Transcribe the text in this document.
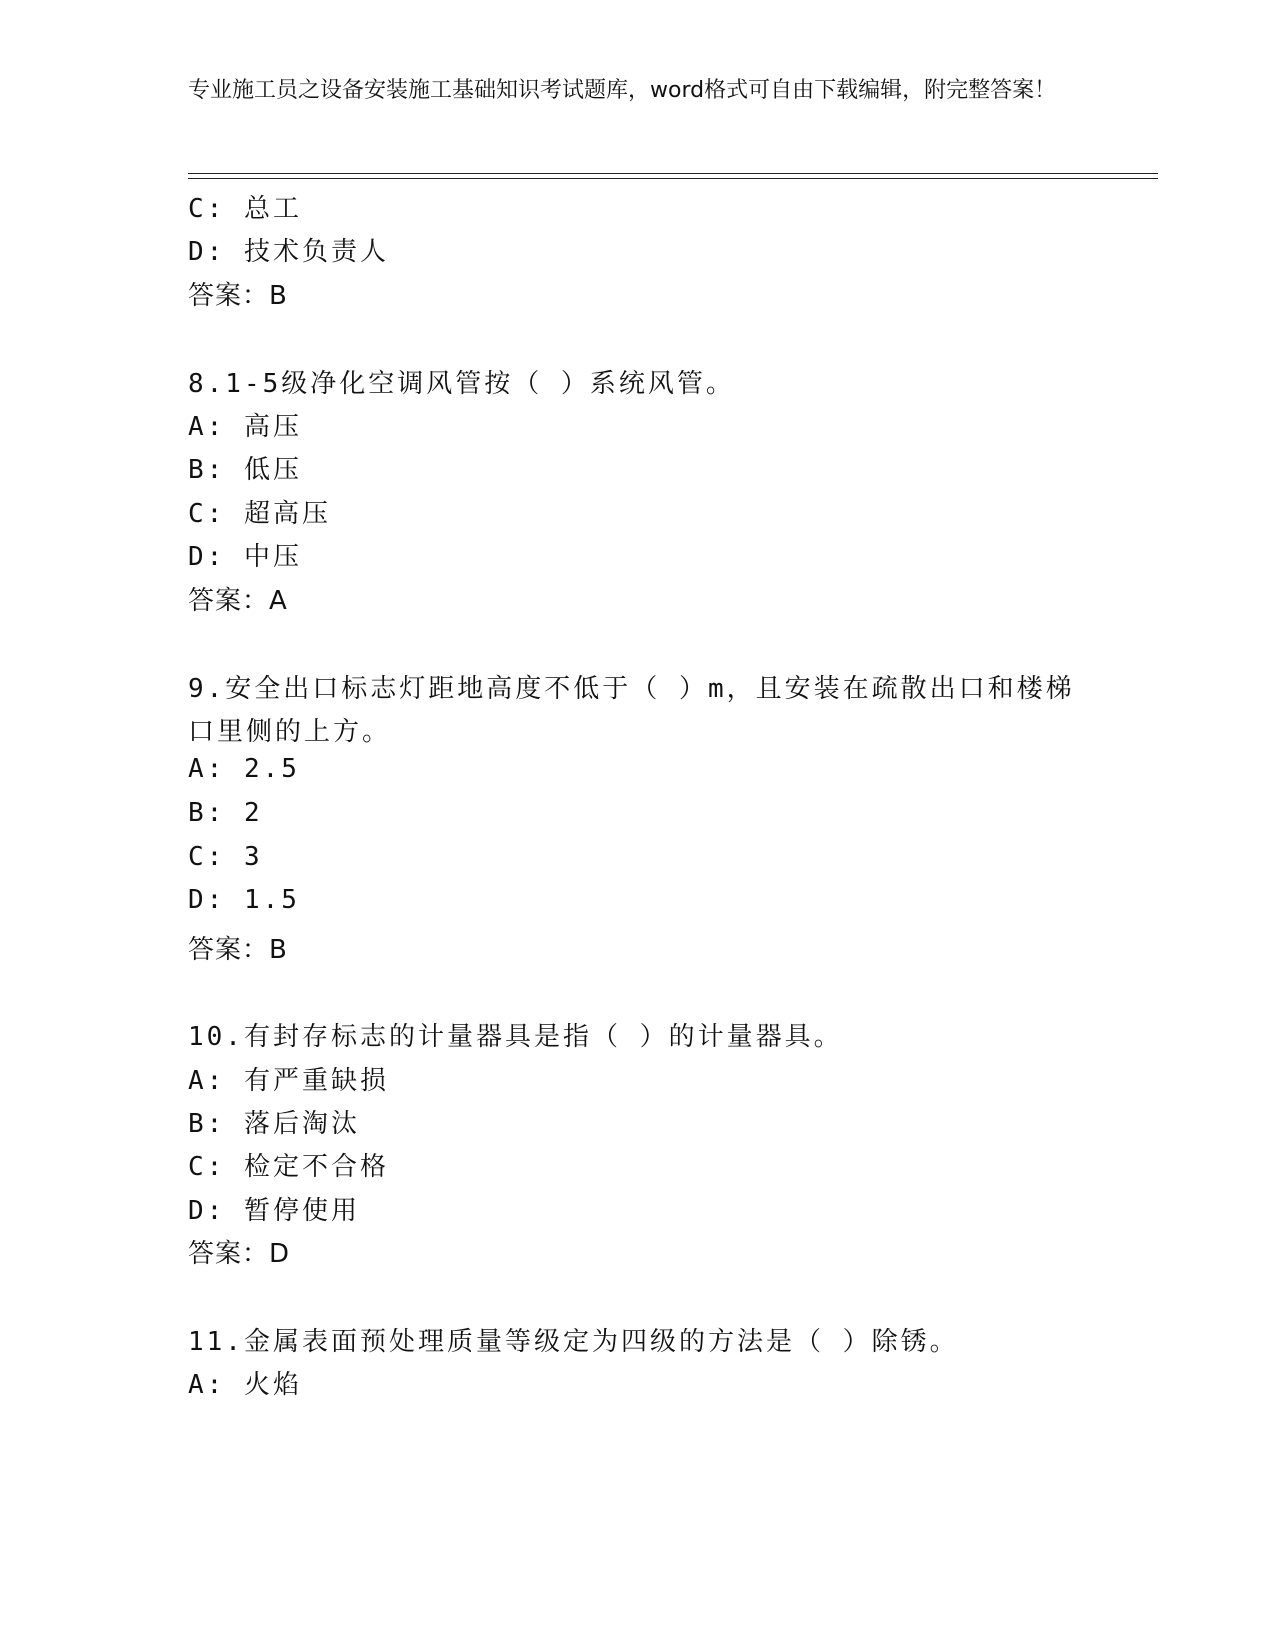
专业施工员之设备安装施工基础知识考试题库，word格式可自由下载编辑，附完整答案！
C: 总工
D: 技术负责人
答案：B
8.1-5级净化空调风管按（ ）系统风管。
A: 高压
B: 低压
C: 超高压
D: 中压
答案：A
9.安全出口标志灯距地高度不低于（ ）m，且安装在疏散出口和楼梯
口里侧的上方。
A: 2.5
B: 2
C: 3
D: 1.5
答案：B
10.有封存标志的计量器具是指（ ）的计量器具。
A: 有严重缺损
B: 落后淘汰
C: 检定不合格
D: 暂停使用
答案：D
11.金属表面预处理质量等级定为四级的方法是（ ）除锈。
A: 火焰
